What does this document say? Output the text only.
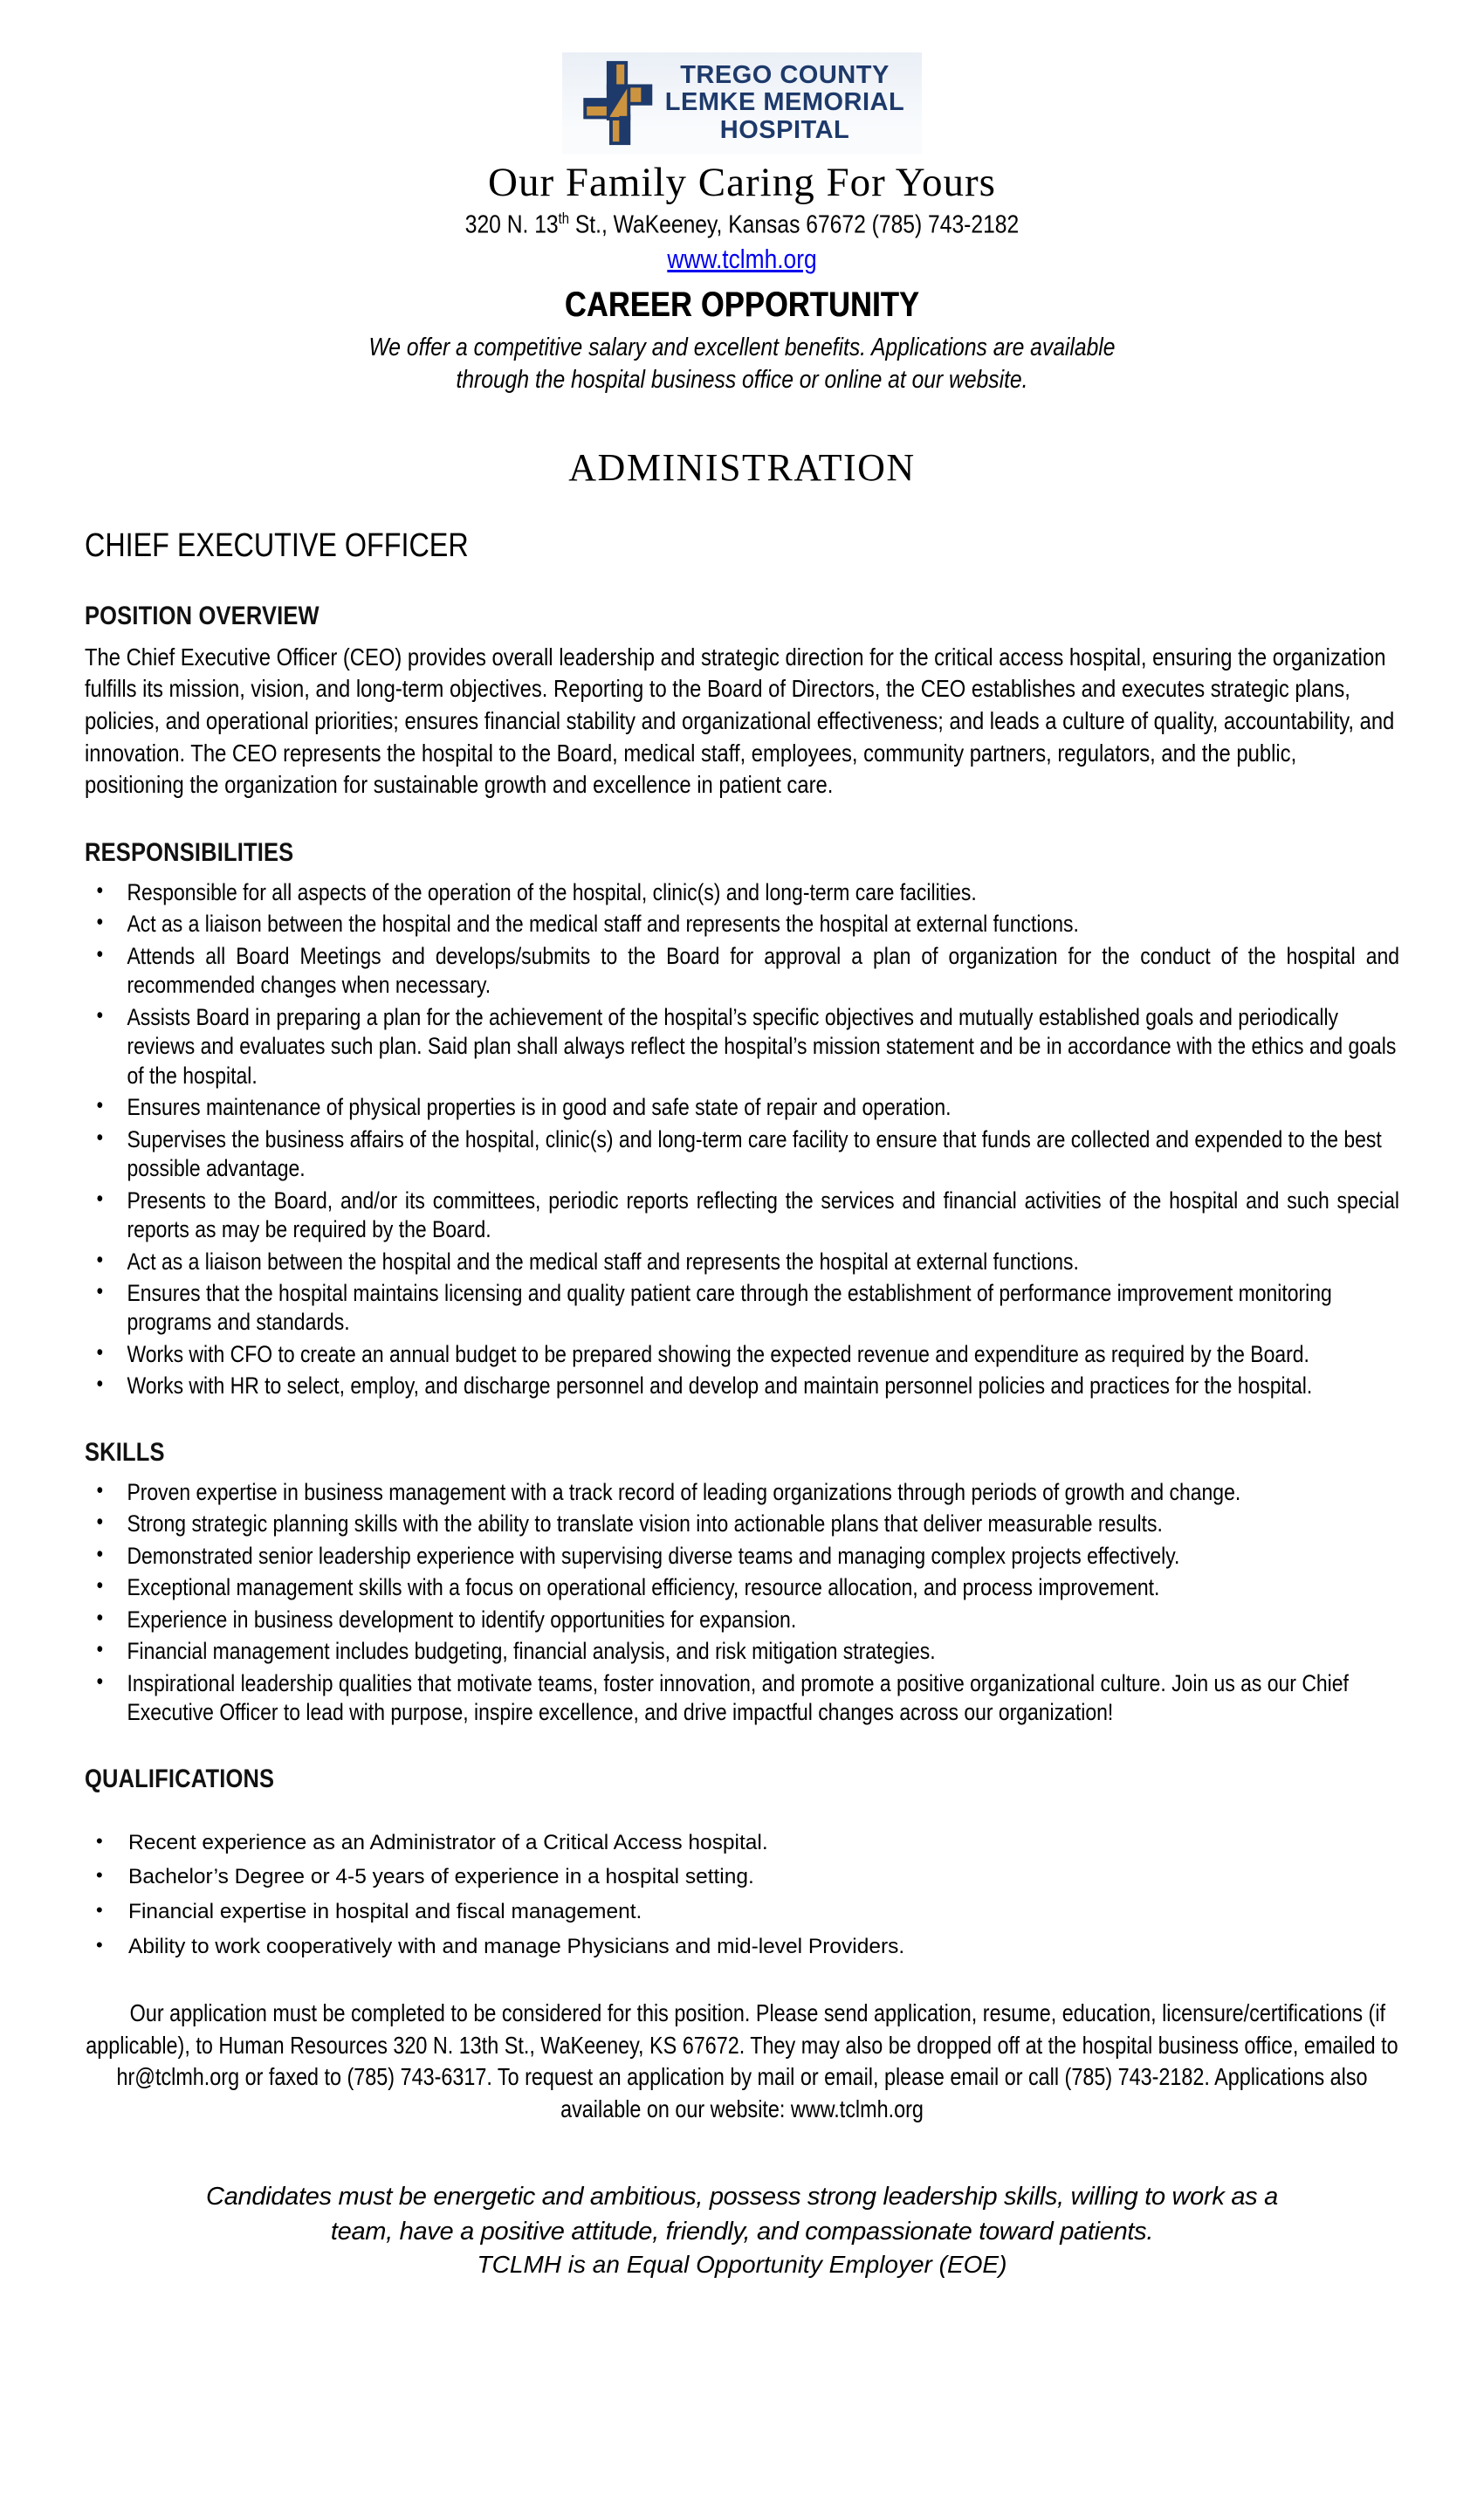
TREGO COUNTY
LEMKE MEMORIAL
HOSPITAL
Our Family Caring For Yours
320 N. 13th St., WaKeeney, Kansas 67672 (785) 743-2182
www.tclmh.org
CAREER OPPORTUNITY
We offer a competitive salary and excellent benefits. Applications are available through the hospital business office or online at our website.
ADMINISTRATION
CHIEF EXECUTIVE OFFICER
POSITION OVERVIEW

The Chief Executive Officer (CEO) provides overall leadership and strategic direction for the critical access hospital, ensuring the organization fulfills its mission, vision, and long-term objectives. Reporting to the Board of Directors, the CEO establishes and executes strategic plans, policies, and operational priorities; ensures financial stability and organizational effectiveness; and leads a culture of quality, accountability, and innovation. The CEO represents the hospital to the Board, medical staff, employees, community partners, regulators, and the public, positioning the organization for sustainable growth and excellence in patient care.

RESPONSIBILITIES
• Responsible for all aspects of the operation of the hospital, clinic(s) and long-term care facilities.
• Act as a liaison between the hospital and the medical staff and represents the hospital at external functions.
• Attends all Board Meetings and develops/submits to the Board for approval a plan of organization for the conduct of the hospital and recommended changes when necessary.
• Assists Board in preparing a plan for the achievement of the hospital’s specific objectives and mutually established goals and periodically reviews and evaluates such plan. Said plan shall always reflect the hospital’s mission statement and be in accordance with the ethics and goals of the hospital.
• Ensures maintenance of physical properties is in good and safe state of repair and operation.
• Supervises the business affairs of the hospital, clinic(s) and long-term care facility to ensure that funds are collected and expended to the best possible advantage.
• Presents to the Board, and/or its committees, periodic reports reflecting the services and financial activities of the hospital and such special reports as may be required by the Board.
• Act as a liaison between the hospital and the medical staff and represents the hospital at external functions.
• Ensures that the hospital maintains licensing and quality patient care through the establishment of performance improvement monitoring programs and standards.
• Works with CFO to create an annual budget to be prepared showing the expected revenue and expenditure as required by the Board.
• Works with HR to select, employ, and discharge personnel and develop and maintain personnel policies and practices for the hospital.
SKILLS
• Proven expertise in business management with a track record of leading organizations through periods of growth and change.
• Strong strategic planning skills with the ability to translate vision into actionable plans that deliver measurable results.
• Demonstrated senior leadership experience with supervising diverse teams and managing complex projects effectively.
• Exceptional management skills with a focus on operational efficiency, resource allocation, and process improvement.
• Experience in business development to identify opportunities for expansion.
• Financial management includes budgeting, financial analysis, and risk mitigation strategies.
• Inspirational leadership qualities that motivate teams, foster innovation, and promote a positive organizational culture. Join us as our Chief Executive Officer to lead with purpose, inspire excellence, and drive impactful changes across our organization!
QUALIFICATIONS
• Recent experience as an Administrator of a Critical Access hospital.
• Bachelor’s Degree or 4-5 years of experience in a hospital setting.
• Financial expertise in hospital and fiscal management.
• Ability to work cooperatively with and manage Physicians and mid-level Providers.

Our application must be completed to be considered for this position. Please send application, resume, education, licensure/certifications (if applicable), to Human Resources 320 N. 13th St., WaKeeney, KS 67672. They may also be dropped off at the hospital business office, emailed to hr@tclmh.org or faxed to (785) 743-6317. To request an application by mail or email, please email or call (785) 743-2182. Applications also available on our website: www.tclmh.org

Candidates must be energetic and ambitious, possess strong leadership skills, willing to work as a team, have a positive attitude, friendly, and compassionate toward patients.

TCLMH is an Equal Opportunity Employer (EOE)
